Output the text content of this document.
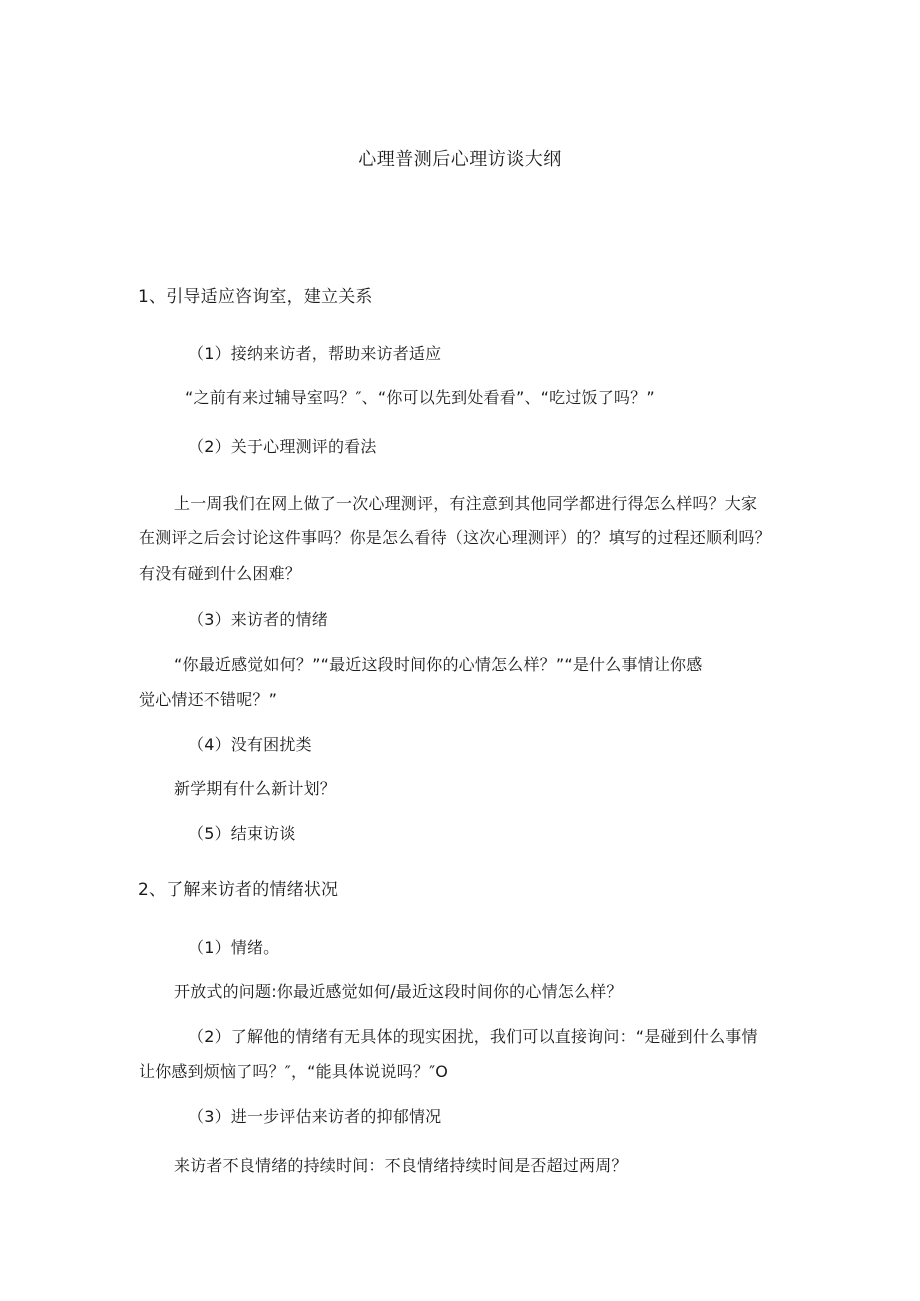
心理普测后心理访谈大纲

1、引导适应咨询室，建立关系

（1）接纳来访者，帮助来访者适应

“之前有来过辅导室吗？″、“你可以先到处看看”、“吃过饭了吗？”

（2）关于心理测评的看法

上一周我们在网上做了一次心理测评，有注意到其他同学都进行得怎么样吗？大家

在测评之后会讨论这件事吗？你是怎么看待（这次心理测评）的？填写的过程还顺利吗？

有没有碰到什么困难？

（3）来访者的情绪

“你最近感觉如何？”“最近这段时间你的心情怎么样？”“是什么事情让你感

觉心情还不错呢？”

（4）没有困扰类

新学期有什么新计划？

（5）结束访谈

2、了解来访者的情绪状况

（1）情绪。

开放式的问题:你最近感觉如何/最近这段时间你的心情怎么样？

（2）了解他的情绪有无具体的现实困扰，我们可以直接询问：“是碰到什么事情

让你感到烦恼了吗？″，“能具体说说吗？″O

（3）进一步评估来访者的抑郁情况

来访者不良情绪的持续时间：不良情绪持续时间是否超过两周？
